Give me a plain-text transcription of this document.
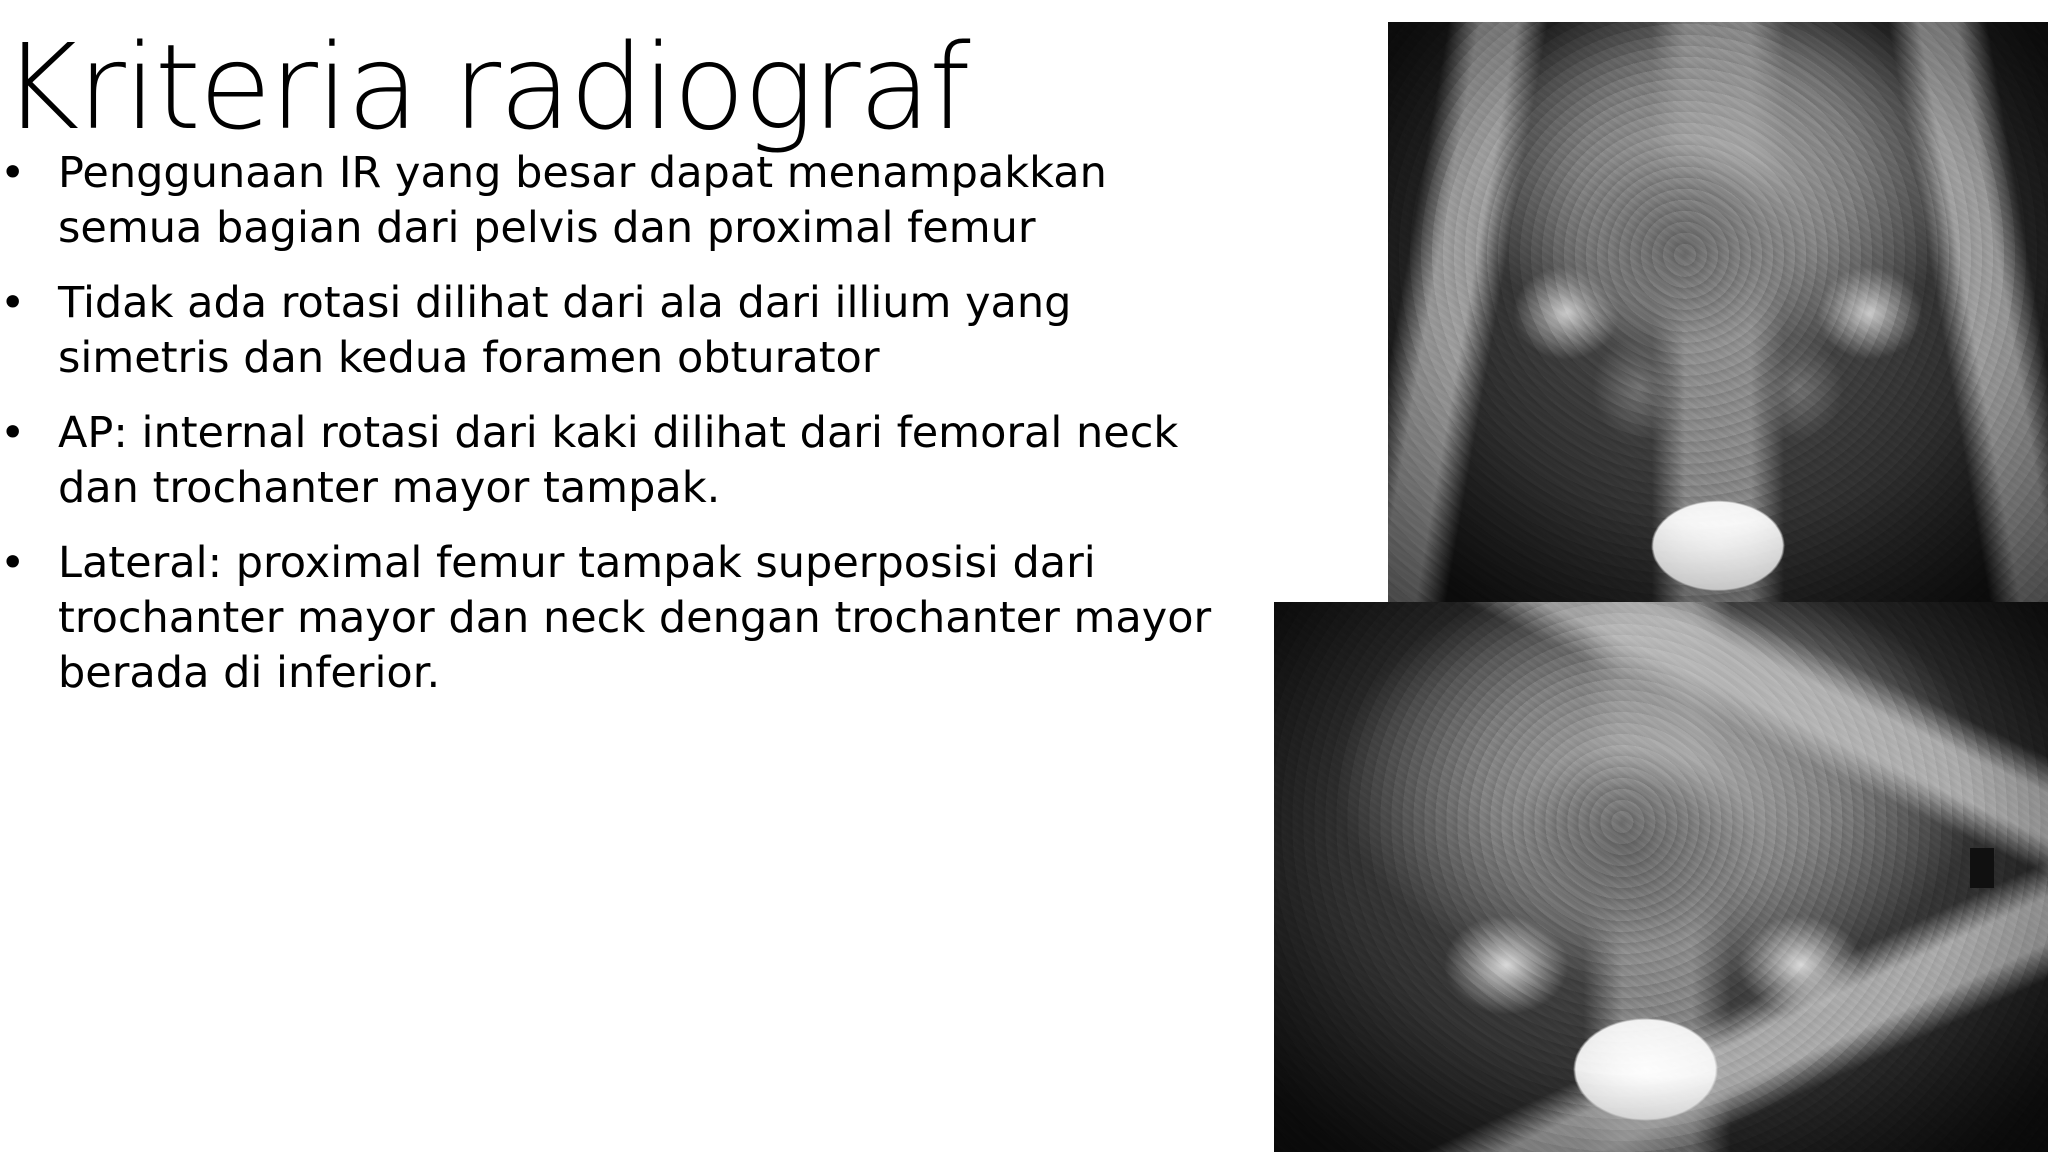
Kriteria radiograf
• Penggunaan IR yang besar dapat menampakkan semua bagian dari pelvis dan proximal femur
• Tidak ada rotasi dilihat dari ala dari illium yang simetris dan kedua foramen obturator
• AP: internal rotasi dari kaki dilihat dari femoral neck dan trochanter mayor tampak.
• Lateral: proximal femur tampak superposisi dari trochanter mayor dan neck dengan trochanter mayor berada di inferior.
